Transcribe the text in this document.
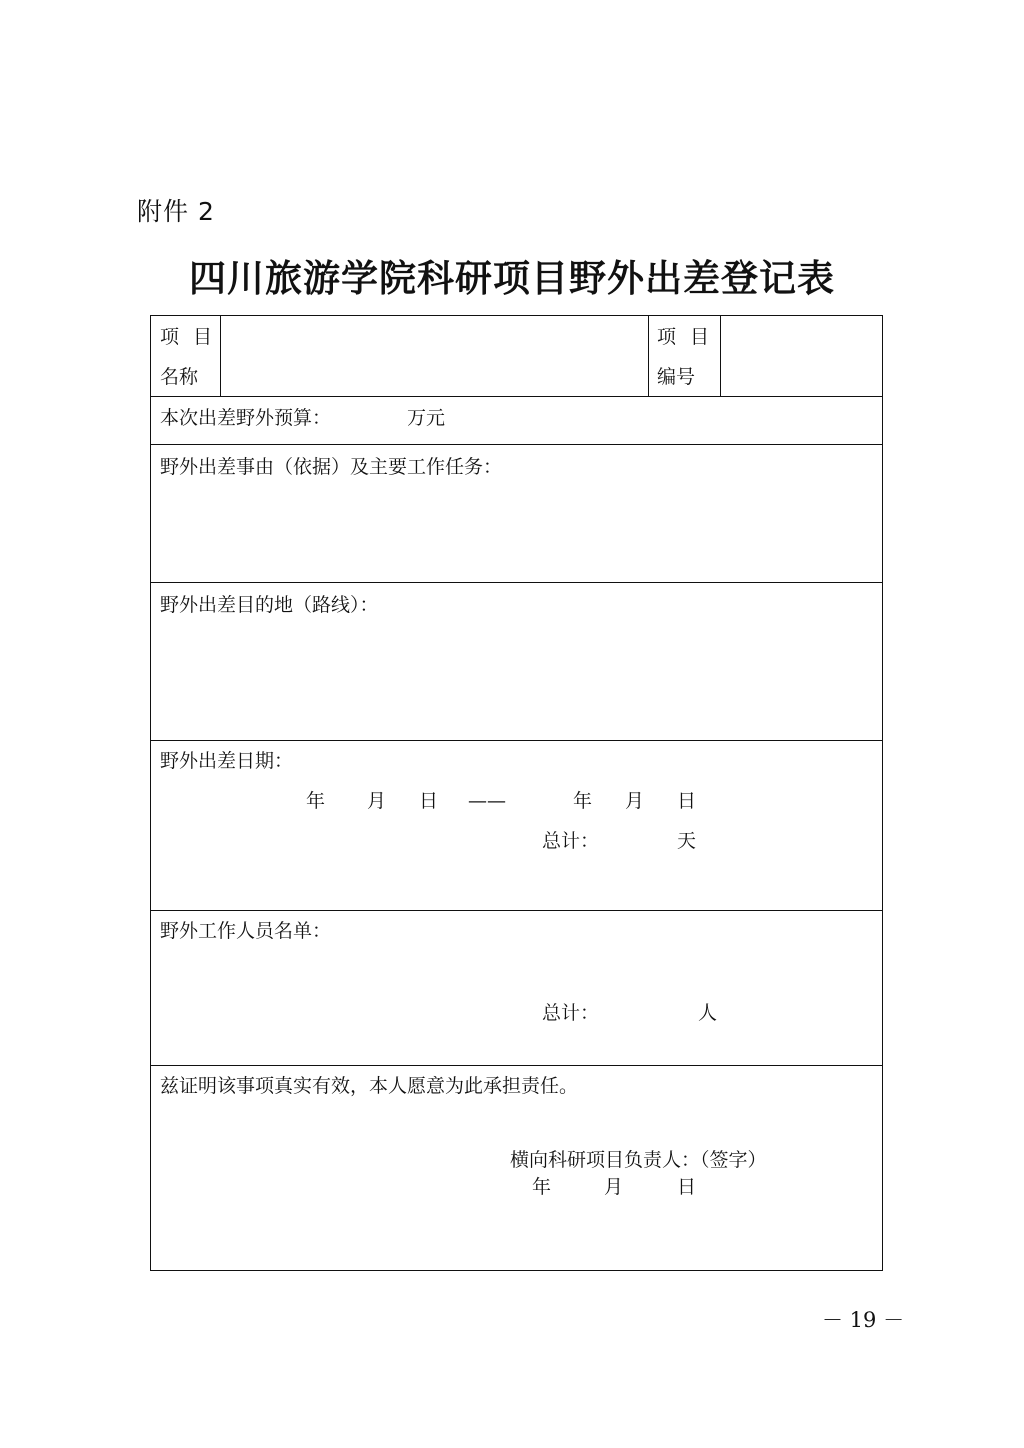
附件 2
四川旅游学院科研项目野外出差登记表
项 目
名称
项 目
编号
本次出差野外预算：	万元
野外出差事由（依据）及主要工作任务：
野外出差目的地（路线）：
野外出差日期：
年 月 日 ——	年 月 日
总计：	天
野外工作人员名单：
总计：	人
兹证明该事项真实有效，本人愿意为此承担责任。
横向科研项目负责人：（签字）
年	月	日
－ 19 －
